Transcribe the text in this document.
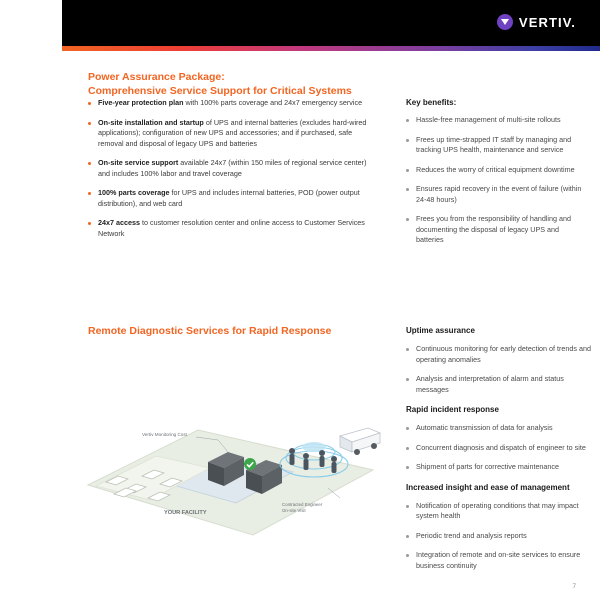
VERTIV.
Power Assurance Package:
Comprehensive Service Support for Critical Systems
Five-year protection plan with 100% parts coverage and 24x7 emergency service
On-site installation and startup of UPS and internal batteries (excludes hard-wired applications); configuration of new UPS and accessories; and if purchased, safe removal and disposal of legacy UPS and batteries
On-site service support available 24x7 (within 150 miles of regional service center) and includes 100% labor and travel coverage
100% parts coverage for UPS and includes internal batteries, POD (power output distribution), and web card
24x7 access to customer resolution center and online access to Customer Services Network
Key benefits:
Hassle-free management of multi-site rollouts
Frees up time-strapped IT staff by managing and tracking UPS health, maintenance and service
Reduces the worry of critical equipment downtime
Ensures rapid recovery in the event of failure (within 24-48 hours)
Frees you from the responsibility of handling and documenting the disposal of legacy UPS and batteries
Remote Diagnostic Services for Rapid Response
Vertiv Monitoring Cost
YOUR FACILITY
Contracted Engineer
On-site Visit
Uptime assurance
Continuous monitoring for early detection of trends and operating anomalies
Analysis and interpretation of alarm and status messages
Rapid incident response
Automatic transmission of data for analysis
Concurrent diagnosis and dispatch of engineer to site
Shipment of parts for corrective maintenance
Increased insight and ease of management
Notification of operating conditions that may impact system health
Periodic trend and analysis reports
Integration of remote and on-site services to ensure business continuity
7
